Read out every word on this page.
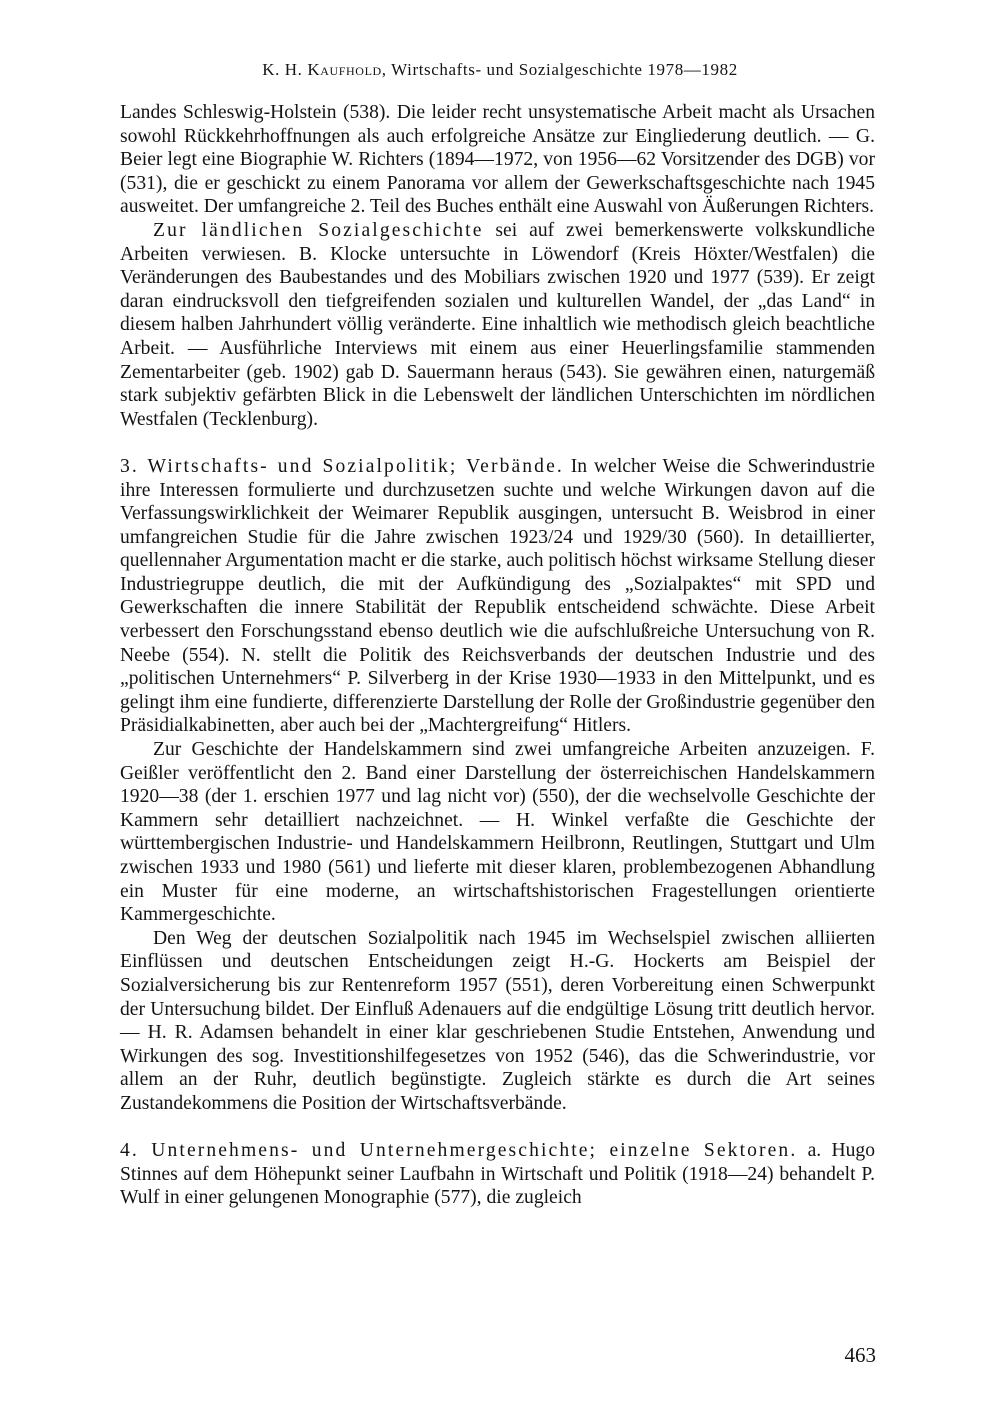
K. H. Kaufhold, Wirtschafts- und Sozialgeschichte 1978—1982

Landes Schleswig-Holstein (538). Die leider recht unsystematische Arbeit macht als Ursachen sowohl Rückkehrhoffnungen als auch erfolgreiche Ansätze zur Eingliederung deutlich. — G. Beier legt eine Biographie W. Richters (1894—1972, von 1956—62 Vorsitzender des DGB) vor (531), die er geschickt zu einem Panorama vor allem der Gewerkschaftsgeschichte nach 1945 ausweitet. Der umfangreiche 2. Teil des Buches enthält eine Auswahl von Äußerungen Richters.

Zur ländlichen Sozialgeschichte sei auf zwei bemerkenswerte volkskundliche Arbeiten verwiesen. B. Klocke untersuchte in Löwendorf (Kreis Höxter/Westfalen) die Veränderungen des Baubestandes und des Mobiliars zwischen 1920 und 1977 (539). Er zeigt daran eindrucksvoll den tiefgreifenden sozialen und kulturellen Wandel, der „das Land“ in diesem halben Jahrhundert völlig veränderte. Eine inhaltlich wie methodisch gleich beachtliche Arbeit. — Ausführliche Interviews mit einem aus einer Heuerlingsfamilie stammenden Zementarbeiter (geb. 1902) gab D. Sauermann heraus (543). Sie gewähren einen, naturgemäß stark subjektiv gefärbten Blick in die Lebenswelt der ländlichen Unterschichten im nördlichen Westfalen (Tecklenburg).

3. Wirtschafts- und Sozialpolitik; Verbände. In welcher Weise die Schwerindustrie ihre Interessen formulierte und durchzusetzen suchte und welche Wirkungen davon auf die Verfassungswirklichkeit der Weimarer Republik ausgingen, untersucht B. Weisbrod in einer umfangreichen Studie für die Jahre zwischen 1923/24 und 1929/30 (560). In detaillierter, quellennaher Argumentation macht er die starke, auch politisch höchst wirksame Stellung dieser Industriegruppe deutlich, die mit der Aufkündigung des „Sozialpaktes“ mit SPD und Gewerkschaften die innere Stabilität der Republik entscheidend schwächte. Diese Arbeit verbessert den Forschungsstand ebenso deutlich wie die aufschlußreiche Untersuchung von R. Neebe (554). N. stellt die Politik des Reichsverbands der deutschen Industrie und des „politischen Unternehmers“ P. Silverberg in der Krise 1930—1933 in den Mittelpunkt, und es gelingt ihm eine fundierte, differenzierte Darstellung der Rolle der Großindustrie gegenüber den Präsidialkabinetten, aber auch bei der „Machtergreifung“ Hitlers.

Zur Geschichte der Handelskammern sind zwei umfangreiche Arbeiten anzuzeigen. F. Geißler veröffentlicht den 2. Band einer Darstellung der österreichischen Handelskammern 1920—38 (der 1. erschien 1977 und lag nicht vor) (550), der die wechselvolle Geschichte der Kammern sehr detailliert nachzeichnet. — H. Winkel verfaßte die Geschichte der württembergischen Industrie- und Handelskammern Heilbronn, Reutlingen, Stuttgart und Ulm zwischen 1933 und 1980 (561) und lieferte mit dieser klaren, problembezogenen Abhandlung ein Muster für eine moderne, an wirtschaftshistorischen Fragestellungen orientierte Kammergeschichte.

Den Weg der deutschen Sozialpolitik nach 1945 im Wechselspiel zwischen alliierten Einflüssen und deutschen Entscheidungen zeigt H.-G. Hockerts am Beispiel der Sozialversicherung bis zur Rentenreform 1957 (551), deren Vorbereitung einen Schwerpunkt der Untersuchung bildet. Der Einfluß Adenauers auf die endgültige Lösung tritt deutlich hervor. — H. R. Adamsen behandelt in einer klar geschriebenen Studie Entstehen, Anwendung und Wirkungen des sog. Investitionshilfegesetzes von 1952 (546), das die Schwerindustrie, vor allem an der Ruhr, deutlich begünstigte. Zugleich stärkte es durch die Art seines Zustandekommens die Position der Wirtschaftsverbände.

4. Unternehmens- und Unternehmergeschichte; einzelne Sektoren. a. Hugo Stinnes auf dem Höhepunkt seiner Laufbahn in Wirtschaft und Politik (1918—24) behandelt P. Wulf in einer gelungenen Monographie (577), die zugleich

463
